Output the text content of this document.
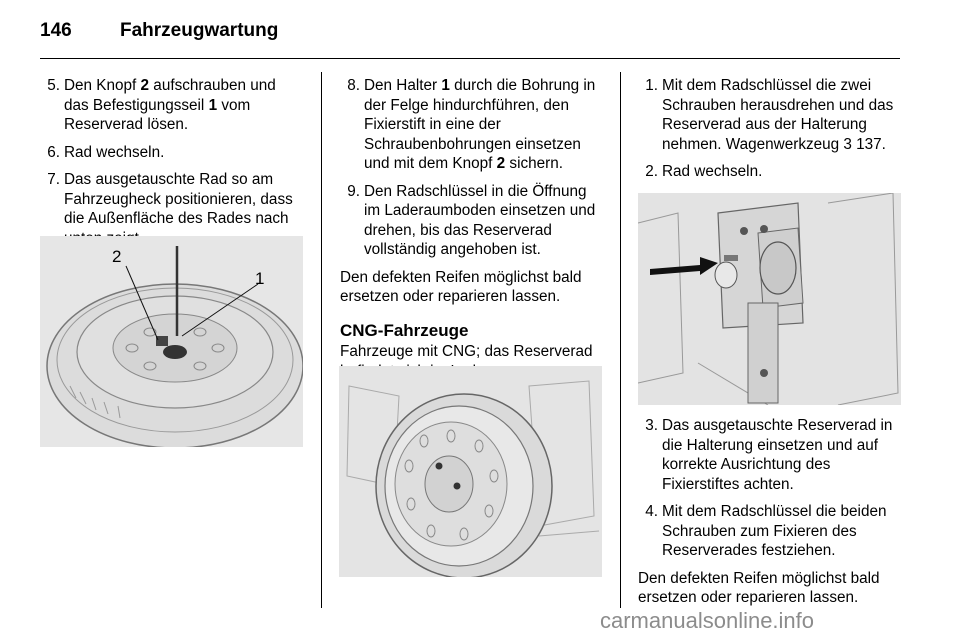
146	Fahrzeugwartung
5. Den Knopf 2 aufschrauben und das Befestigungsseil 1 vom Reserverad lösen.
6. Rad wechseln.
7. Das ausgetauschte Rad so am Fahrzeugheck positionieren, dass die Außenfläche des Rades nach
2
1
8. Den Halter 1 durch die Bohrung in der Felge hindurchführen, den Fixierstift in eine der Schraubenbohrungen einsetzen und mit dem Knopf 2 sichern.
9. Den Radschlüssel in die Öffnung im Laderaumboden einsetzen und drehen, bis das Reserverad vollständig angehoben ist.

Den defekten Reifen möglichst bald ersetzen oder reparieren lassen.

CNG-Fahrzeuge

Fahrzeuge mit CNG; das Reserverad

1. Mit dem Radschlüssel die zwei Schrauben herausdrehen und das Reserverad aus der Halterung nehmen. Wagenwerkzeug 3 137.
2. Rad wechseln.
3. Das ausgetauschte Reserverad in die Halterung einsetzen und auf korrekte Ausrichtung des Fixierstiftes achten.
4. Mit dem Radschlüssel die beiden Schrauben zum Fixieren des Reserverades festziehen.

Den defekten Reifen möglichst bald ersetzen oder reparieren lassen.

carmanualsonline.info
